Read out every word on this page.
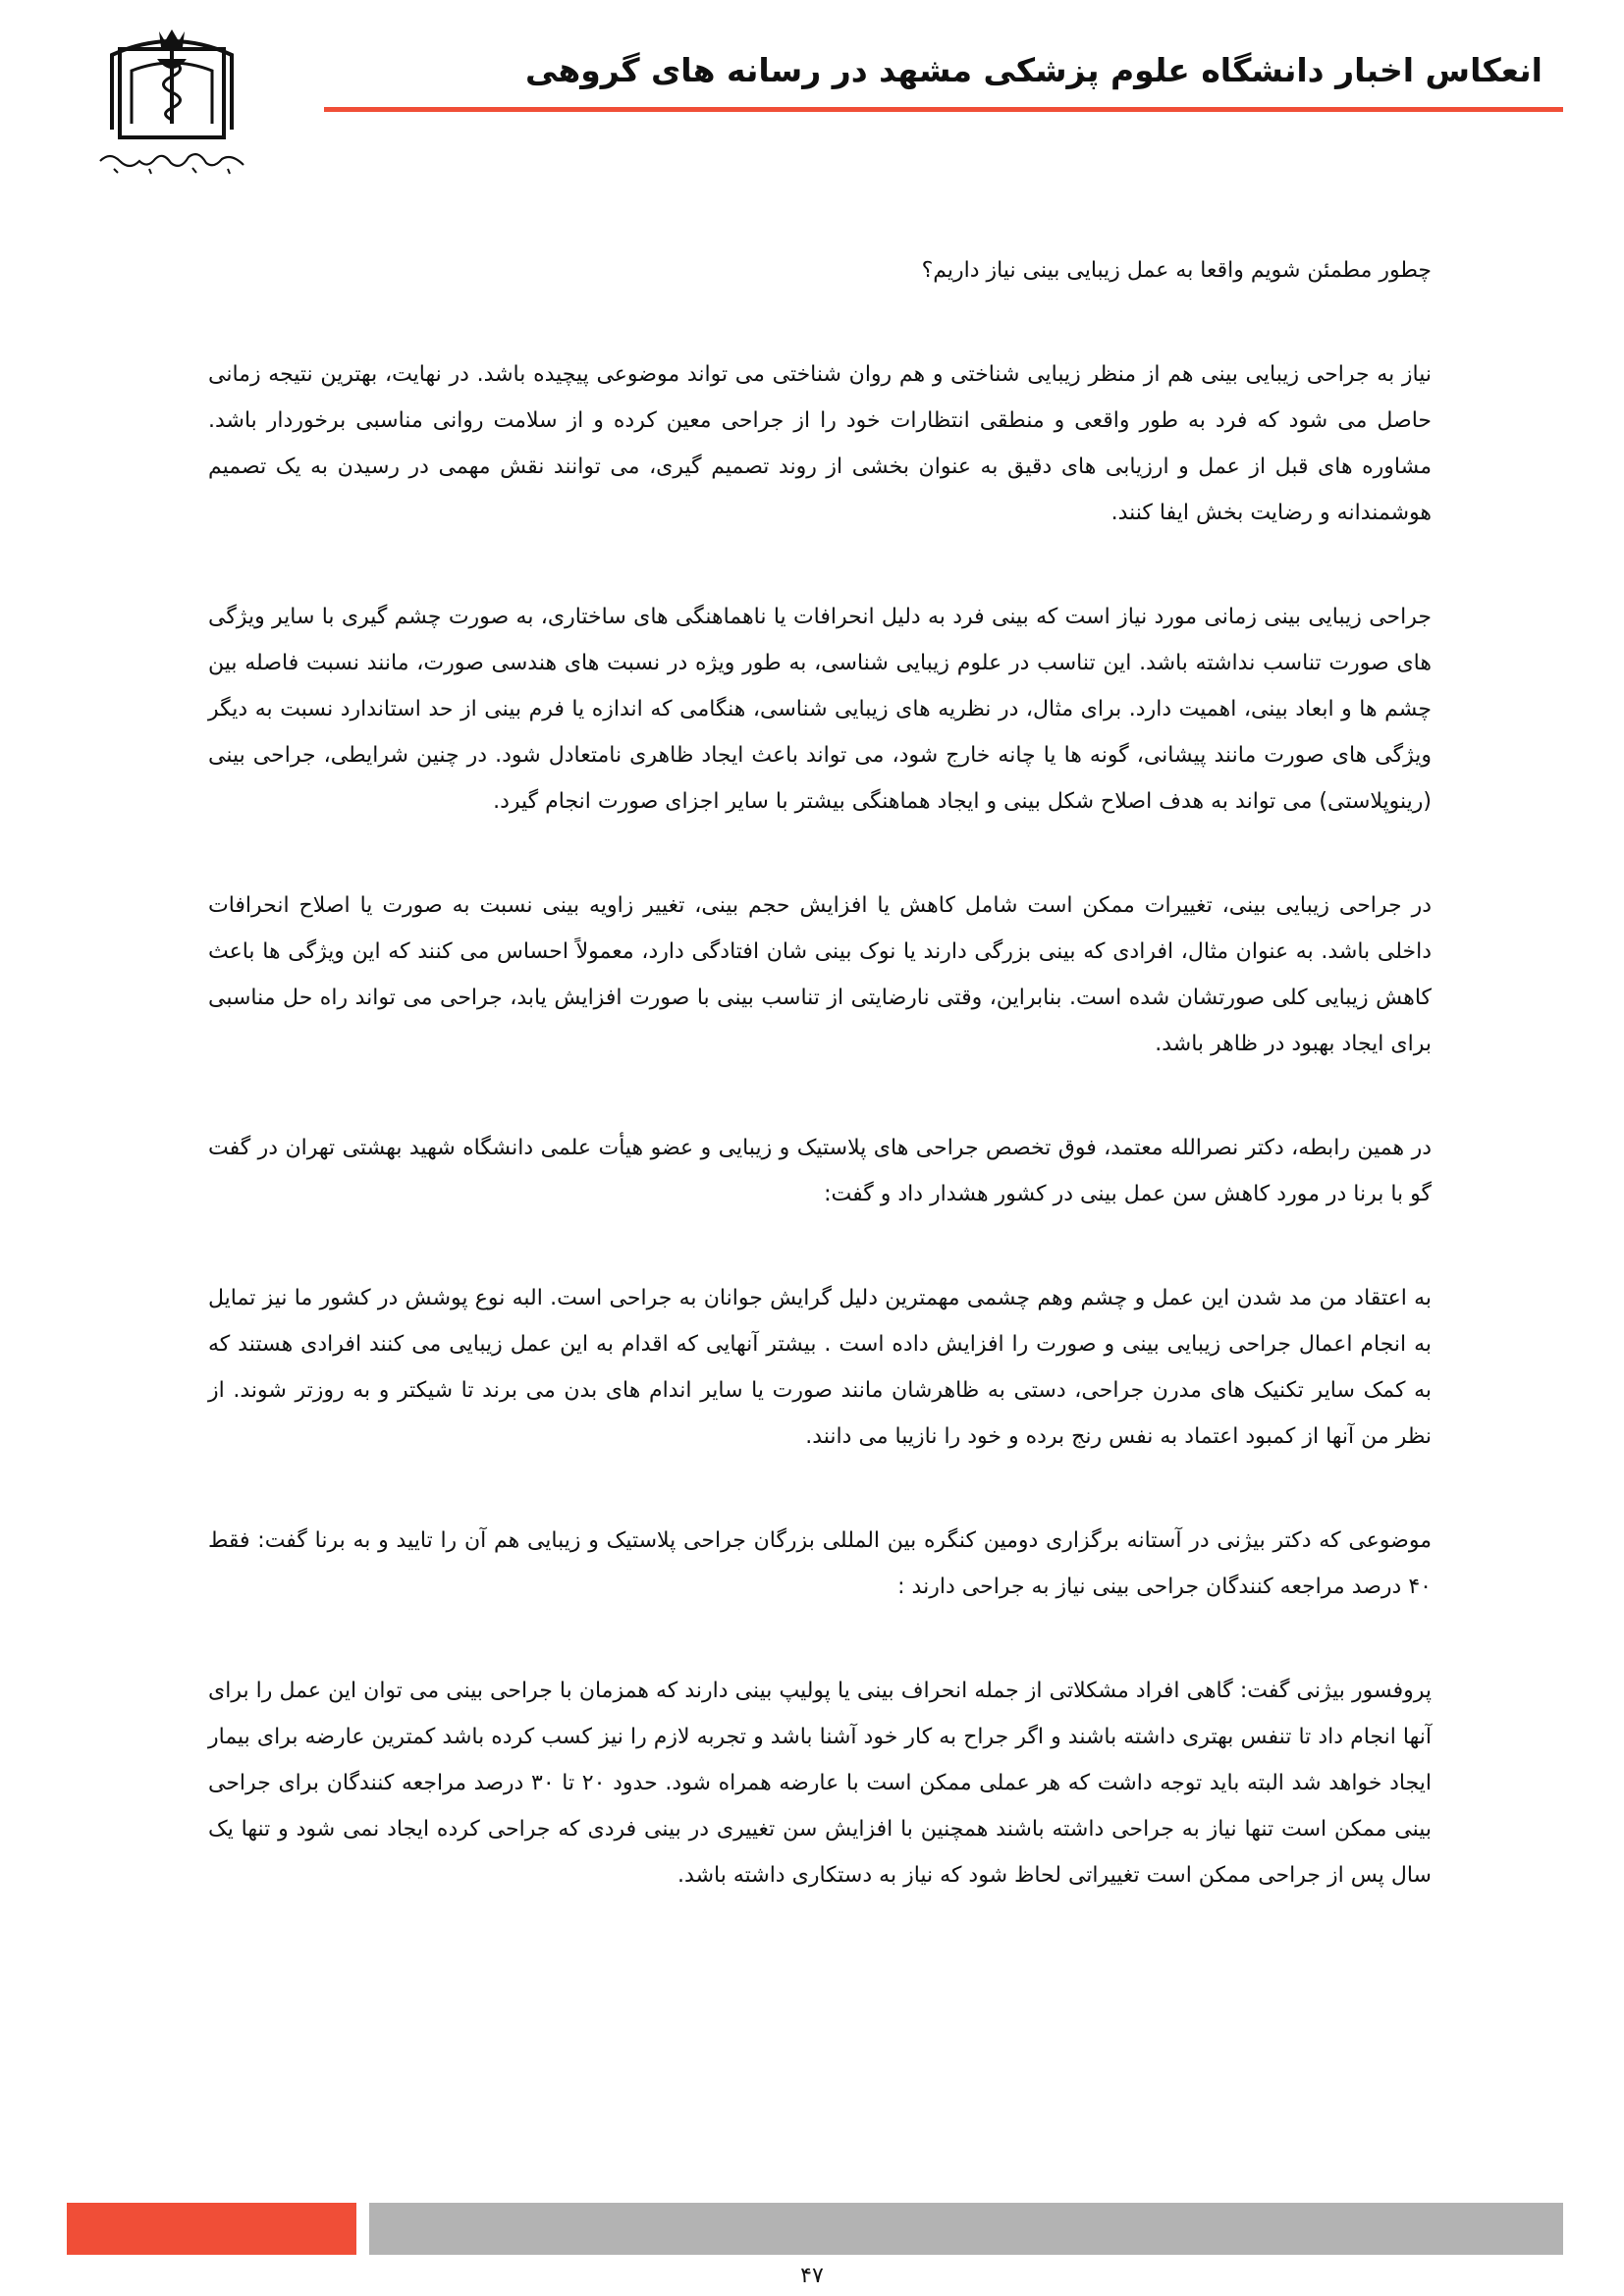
انعکاس اخبار دانشگاه علوم پزشکی مشهد در رسانه های گروهی

چطور مطمئن شویم واقعا به عمل زیبایی بینی نیاز داریم؟

نیاز به جراحی زیبایی بینی هم از منظر زیبایی شناختی و هم روان شناختی می تواند موضوعی پیچیده باشد. در نهایت، بهترین نتیجه زمانی حاصل می شود که فرد به طور واقعی و منطقی انتظارات خود را از جراحی معین کرده و از سلامت روانی مناسبی برخوردار باشد. مشاوره های قبل از عمل و ارزیابی های دقیق به عنوان بخشی از روند تصمیم گیری، می توانند نقش مهمی در رسیدن به یک تصمیم هوشمندانه و رضایت بخش ایفا کنند.

جراحی زیبایی بینی زمانی مورد نیاز است که بینی فرد به دلیل انحرافات یا ناهماهنگی های ساختاری، به صورت چشم گیری با سایر ویژگی های صورت تناسب نداشته باشد. این تناسب در علوم زیبایی شناسی، به طور ویژه در نسبت های هندسی صورت، مانند نسبت فاصله بین چشم ها و ابعاد بینی، اهمیت دارد. برای مثال، در نظریه های زیبایی شناسی، هنگامی که اندازه یا فرم بینی از حد استاندارد نسبت به دیگر ویژگی های صورت مانند پیشانی، گونه ها یا چانه خارج شود، می تواند باعث ایجاد ظاهری نامتعادل شود. در چنین شرایطی، جراحی بینی (رینوپلاستی) می تواند به هدف اصلاح شکل بینی و ایجاد هماهنگی بیشتر با سایر اجزای صورت انجام گیرد.

در جراحی زیبایی بینی، تغییرات ممکن است شامل کاهش یا افزایش حجم بینی، تغییر زاویه بینی نسبت به صورت یا اصلاح انحرافات داخلی باشد. به عنوان مثال، افرادی که بینی بزرگی دارند یا نوک بینی شان افتادگی دارد، معمولاً احساس می کنند که این ویژگی ها باعث کاهش زیبایی کلی صورتشان شده است. بنابراین، وقتی نارضایتی از تناسب بینی با صورت افزایش یابد، جراحی می تواند راه حل مناسبی برای ایجاد بهبود در ظاهر باشد.

در همین رابطه، دکتر نصرالله معتمد، فوق تخصص جراحی های پلاستیک و زیبایی و عضو هیأت علمی دانشگاه شهید بهشتی تهران در گفت گو با برنا در مورد کاهش سن عمل بینی در کشور هشدار داد و گفت:

به اعتقاد من مد شدن این عمل و چشم وهم چشمی مهمترین دلیل گرایش جوانان به جراحی است. البه نوع پوشش در کشور ما نیز تمایل به انجام اعمال جراحی زیبایی بینی و صورت را افزایش داده است . بیشتر آنهایی که اقدام به این عمل زیبایی می کنند افرادی هستند که به کمک سایر تکنیک های مدرن جراحی، دستی به ظاهرشان مانند صورت یا سایر اندام های بدن می برند تا شیکتر و به روزتر شوند. از نظر من آنها از کمبود اعتماد به نفس رنج برده و خود را نازیبا می دانند.

موضوعی که دکتر بیژنی در آستانه برگزاری دومین کنگره بین المللی بزرگان جراحی پلاستیک و زیبایی هم آن را تایید و به برنا گفت: فقط ۴۰ درصد مراجعه کنندگان جراحی بینی نیاز به جراحی دارند :

پروفسور بیژنی گفت: گاهی افراد مشکلاتی از جمله انحراف بینی یا پولیپ بینی دارند که همزمان با جراحی بینی می توان این عمل را برای آنها انجام داد تا تنفس بهتری داشته باشند و اگر جراح به کار خود آشنا باشد و تجربه لازم را نیز کسب کرده باشد کمترین عارضه برای بیمار ایجاد خواهد شد البته باید توجه داشت که هر عملی ممکن است با عارضه همراه شود. حدود ۲۰ تا ۳۰ درصد مراجعه کنندگان برای جراحی بینی ممکن است تنها نیاز به جراحی داشته باشند همچنین با افزایش سن تغییری در بینی فردی که جراحی کرده ایجاد نمی شود و تنها یک سال پس از جراحی ممکن است تغییراتی لحاظ شود که نیاز به دستکاری داشته باشد.

۴۷
